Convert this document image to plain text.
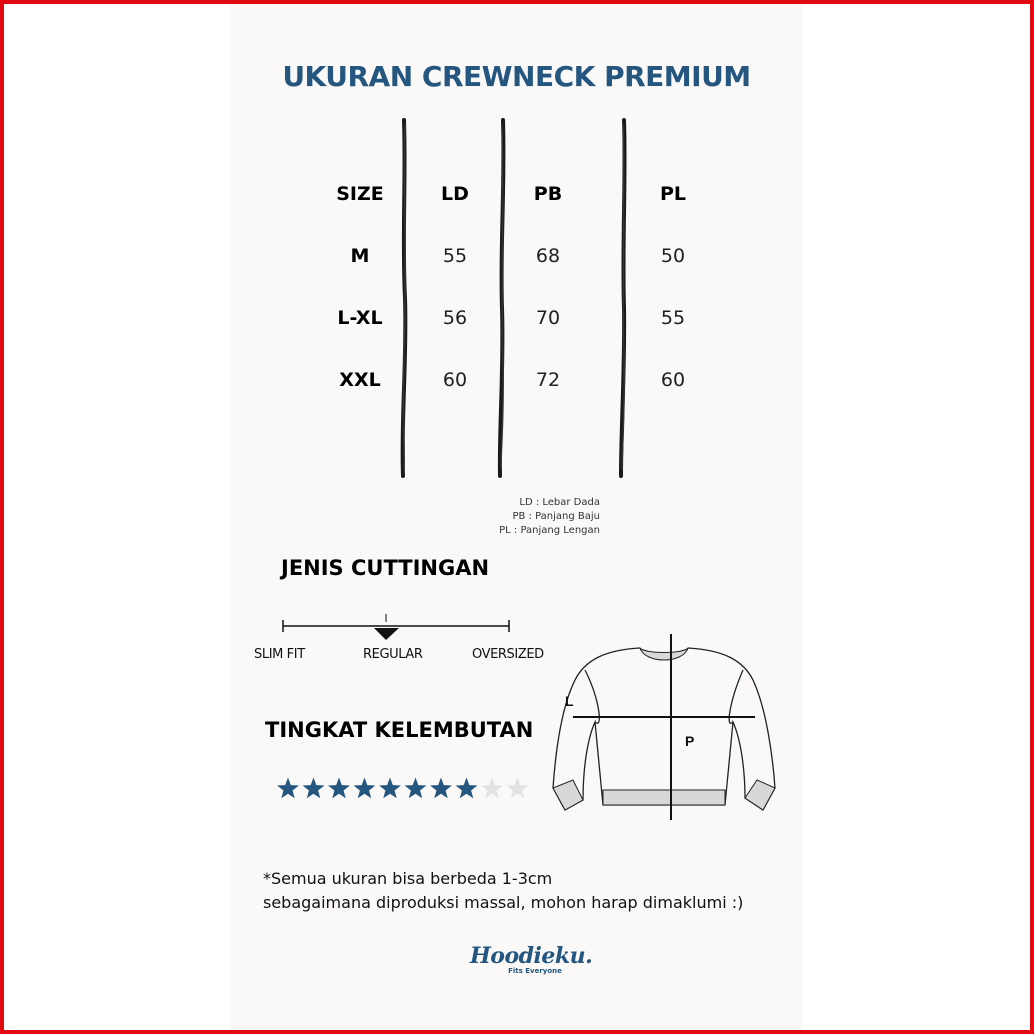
UKURAN CREWNECK PREMIUM
SIZE	LD	PB	PL
M	55	68	50
L-XL	56	70	55
XXL	60	72	60
LD : Lebar Dada
PB : Panjang Baju
PL : Panjang Lengan
JENIS CUTTINGAN
SLIM FIT	REGULAR	OVERSIZED
TINGKAT KELEMBUTAN
L
P
*Semua ukuran bisa berbeda 1-3cm
sebagaimana diproduksi massal, mohon harap dimaklumi :)
Hoodieku.
Fits Everyone
